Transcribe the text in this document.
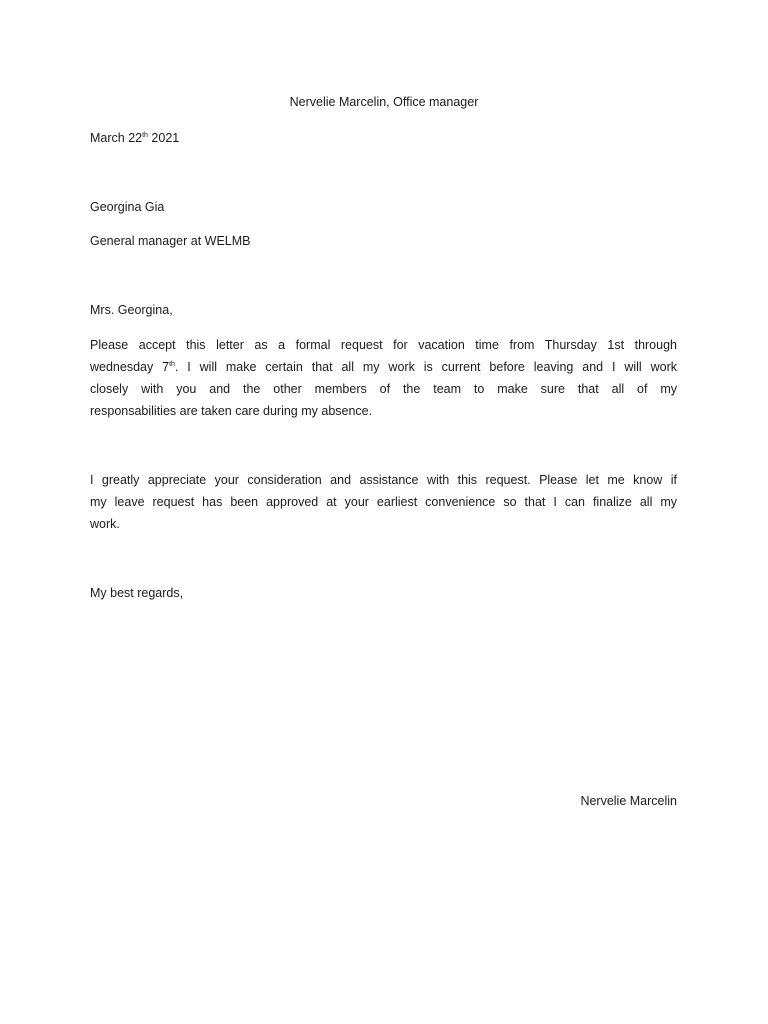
Nervelie Marcelin, Office manager
March 22th 2021
Georgina Gia
General manager at WELMB
Mrs. Georgina,
Please accept this letter as a formal request for vacation time from Thursday 1st through
wednesday 7th. I will make certain that all my work is current before leaving and I will work
closely with you and the other members of the team to make sure that all of my
responsabilities are taken care during my absence.
I greatly appreciate your consideration and assistance with this request. Please let me know if
my leave request has been approved at your earliest convenience so that I can finalize all my
work.
My best regards,
Nervelie Marcelin
